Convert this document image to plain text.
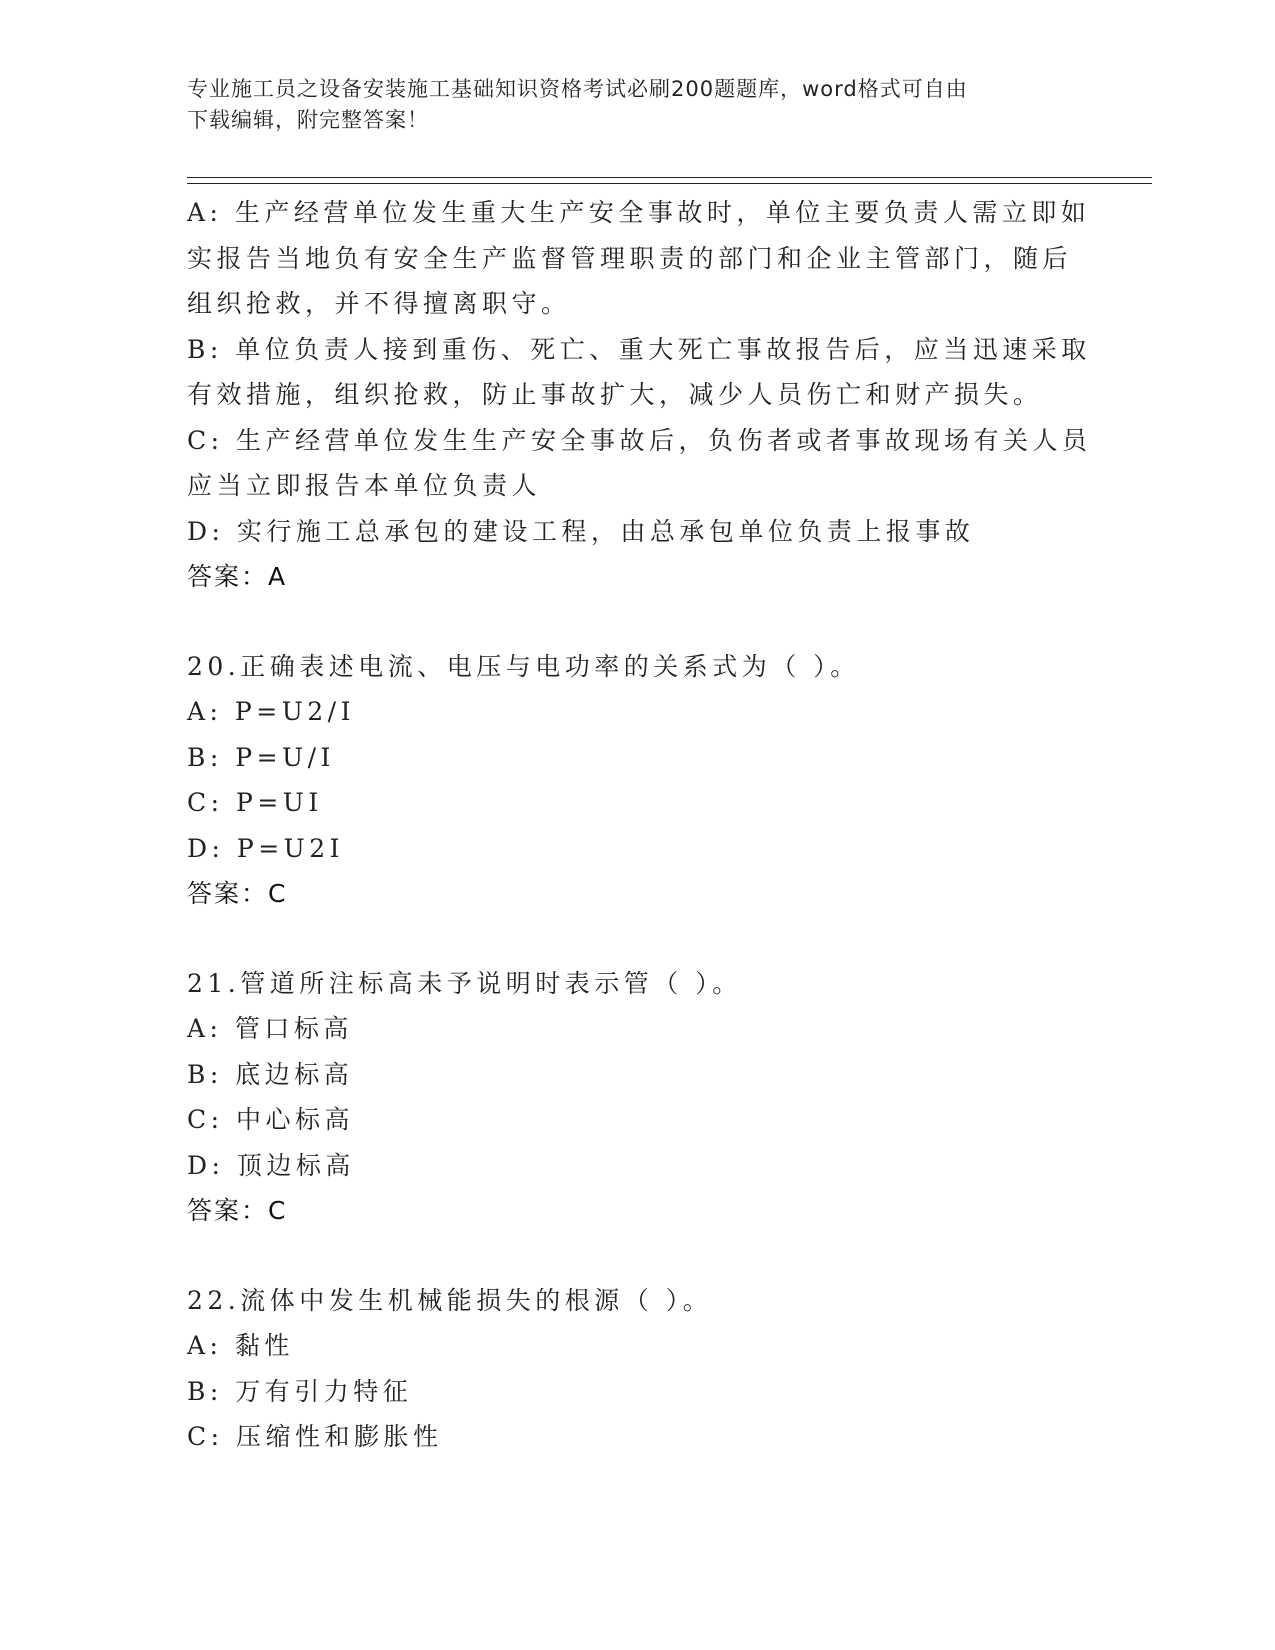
专业施工员之设备安装施工基础知识资格考试必刷200题题库，word格式可自由
下载编辑，附完整答案！
A: 生产经营单位发生重大生产安全事故时，单位主要负责人需立即如
实报告当地负有安全生产监督管理职责的部门和企业主管部门，随后
组织抢救，并不得擅离职守。
B: 单位负责人接到重伤、死亡、重大死亡事故报告后，应当迅速采取
有效措施，组织抢救，防止事故扩大，减少人员伤亡和财产损失。
C: 生产经营单位发生生产安全事故后，负伤者或者事故现场有关人员
应当立即报告本单位负责人
D: 实行施工总承包的建设工程，由总承包单位负责上报事故
答案：A
20.正确表述电流、电压与电功率的关系式为（ ）。
A: P=U2/I
B: P=U/I
C: P=UI
D: P=U2I
答案：C
21.管道所注标高未予说明时表示管（ ）。
A: 管口标高
B: 底边标高
C: 中心标高
D: 顶边标高
答案：C
22.流体中发生机械能损失的根源（ ）。
A: 黏性
B: 万有引力特征
C: 压缩性和膨胀性
